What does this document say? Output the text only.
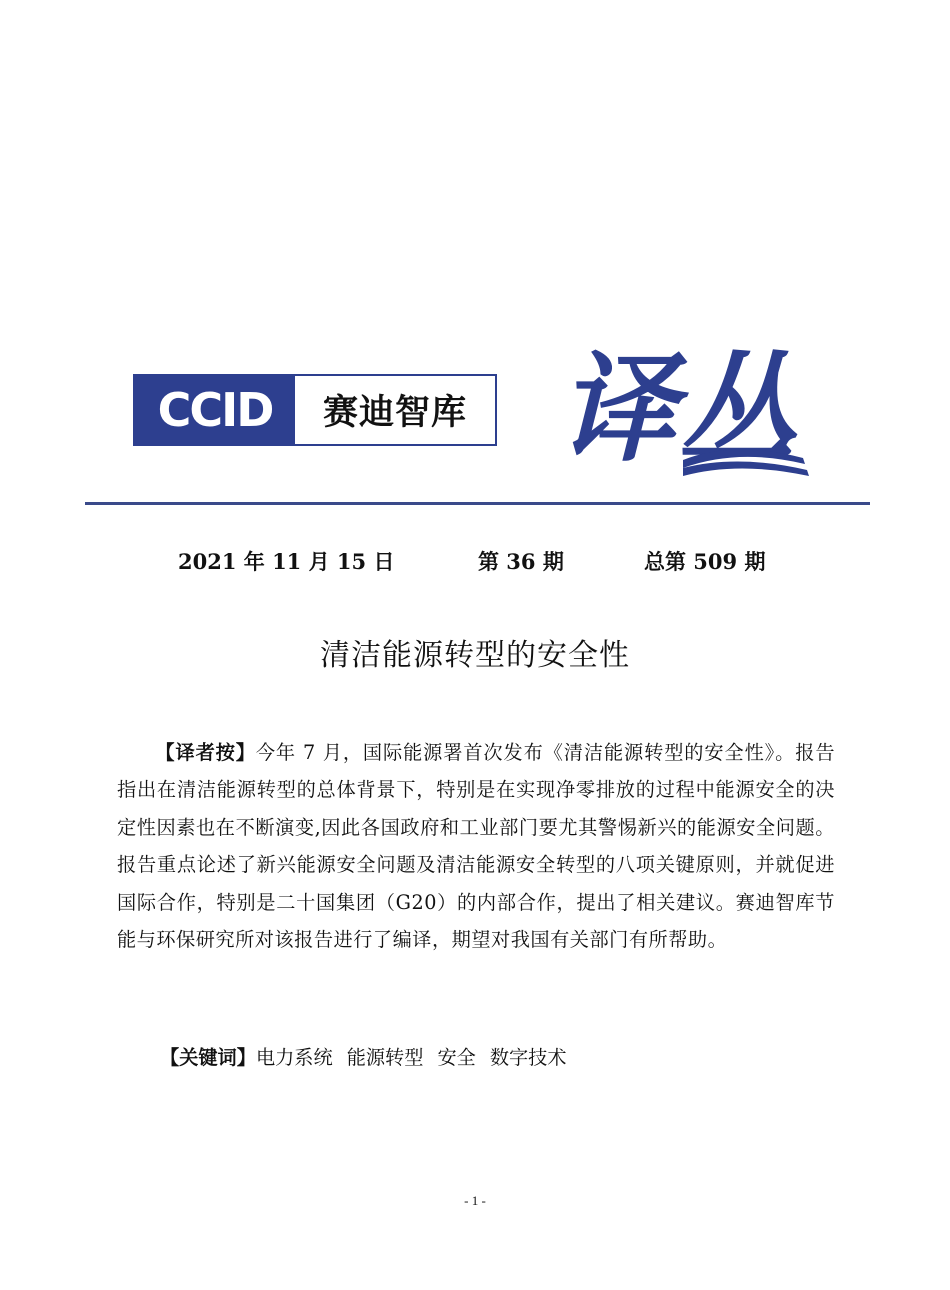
CCID	赛迪智库 译丛
2021 年 11 月 15 日	第 36 期	总第 509 期
清洁能源转型的安全性
【译者按】今年 7 月，国际能源署首次发布《清洁能源转型的安全性》。报告指出在清洁能源转型的总体背景下，特别是在实现净零排放的过程中能源安全的决定性因素也在不断演变,因此各国政府和工业部门要尤其警惕新兴的能源安全问题。报告重点论述了新兴能源安全问题及清洁能源安全转型的八项关键原则，并就促进国际合作，特别是二十国集团（G20）的内部合作，提出了相关建议。赛迪智库节能与环保研究所对该报告进行了编译，期望对我国有关部门有所帮助。
【关键词】电力系统 能源转型 安全 数字技术
- 1 -
